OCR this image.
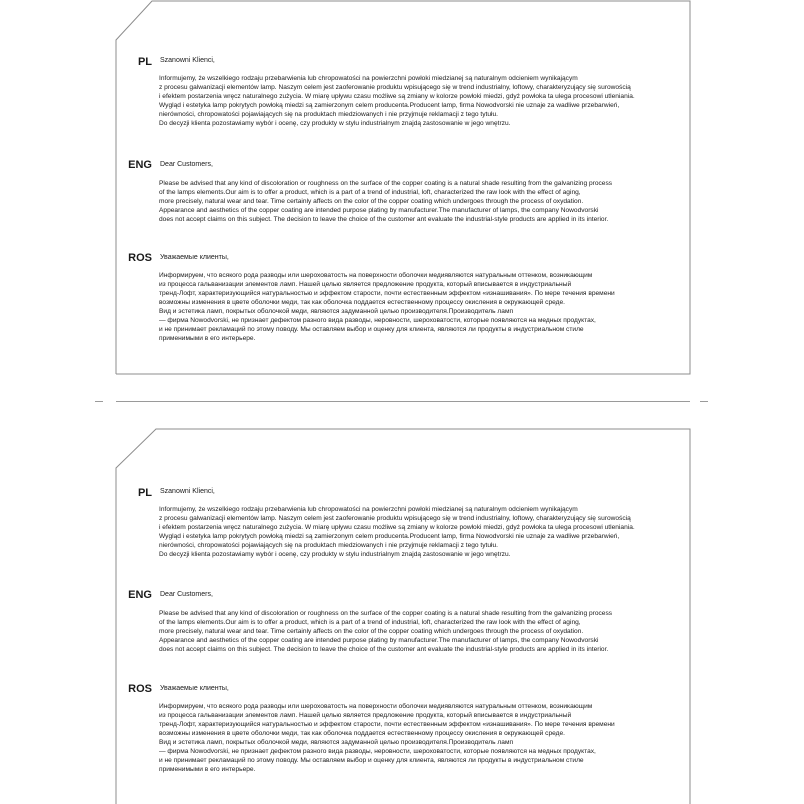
PL Szanowni Klienci,
Informujemy, że wszelkiego rodzaju przebarwienia lub chropowatości na powierzchni powłoki miedzianej są naturalnym odcieniem wynikającym
z procesu galwanizacji elementów lamp. Naszym celem jest zaoferowanie produktu wpisującego się w trend industrialny, loftowy, charakteryzujący się surowością
i efektem postarzenia wręcz naturalnego zużycia. W miarę upływu czasu możliwe są zmiany w kolorze powłoki miedzi, gdyż powłoka ta ulega procesowi utleniania.
Wygląd i estetyka lamp pokrytych powłoką miedzi są zamierzonym celem producenta.Producent lamp, firma Nowodvorski nie uznaje za wadliwe przebarwień,
nierówności, chropowatości pojawiających się na produktach miedziowanych i nie przyjmuje reklamacji z tego tytułu.
Do decyzji klienta pozostawiamy wybór i ocenę, czy produkty w stylu industrialnym znajdą zastosowanie w jego wnętrzu.
ENG Dear Customers,
Please be advised that any kind of discoloration or roughness on the surface of the copper coating is a natural shade resulting from the galvanizing process
of the lamps elements.Our aim is to offer a product, which is a part of a trend of industrial, loft, characterized the raw look with the effect of aging,
more precisely, natural wear and tear. Time certainly affects on the color of the copper coating which undergoes through the process of oxydation.
Appearance and aesthetics of the copper coating are intended purpose plating by manufacturer.The manufacturer of lamps, the company Nowodvorski
does not accept claims on this subject. The decision to leave the choice of the customer ant evaluate the industrial-style products are applied in its interior.
ROS Уважаемые клиенты,
Информируем, что всякого рода разводы или шероховатость на поверхности оболочки медиявляются натуральным оттенком, возникающим
из процесса гальванизации элементов ламп. Нашей целью является предложение продукта, который вписывается в индустриальный
тренд-Лофт, характеризующийся натуральностью и эффектом старости, почти естественным эффектом «изнашивания». По мере течения времени
возможны изменения в цвете оболочки меди, так как оболочка поддается естественному процессу окисления в окружающей среде.
Вид и эстетика ламп, покрытых оболочкой меди, являются задуманной целью производителя.Производитель ламп
— фирма Nowodvorski, не признает дефектом разного вида разводы, неровности, шероховатости, которые появляются на медных продуктах,
и не принимает рекламаций по этому поводу. Мы оставляем выбор и оценку для клиента, являются ли продукты в индустриальном стиле
применимыми в его интерьере.
PL Szanowni Klienci,
Informujemy, że wszelkiego rodzaju przebarwienia lub chropowatości na powierzchni powłoki miedzianej są naturalnym odcieniem wynikającym
z procesu galwanizacji elementów lamp. Naszym celem jest zaoferowanie produktu wpisującego się w trend industrialny, loftowy, charakteryzujący się surowością
i efektem postarzenia wręcz naturalnego zużycia. W miarę upływu czasu możliwe są zmiany w kolorze powłoki miedzi, gdyż powłoka ta ulega procesowi utleniania.
Wygląd i estetyka lamp pokrytych powłoką miedzi są zamierzonym celem producenta.Producent lamp, firma Nowodvorski nie uznaje za wadliwe przebarwień,
nierówności, chropowatości pojawiających się na produktach miedziowanych i nie przyjmuje reklamacji z tego tytułu.
Do decyzji klienta pozostawiamy wybór i ocenę, czy produkty w stylu industrialnym znajdą zastosowanie w jego wnętrzu.
ENG Dear Customers,
Please be advised that any kind of discoloration or roughness on the surface of the copper coating is a natural shade resulting from the galvanizing process
of the lamps elements.Our aim is to offer a product, which is a part of a trend of industrial, loft, characterized the raw look with the effect of aging,
more precisely, natural wear and tear. Time certainly affects on the color of the copper coating which undergoes through the process of oxydation.
Appearance and aesthetics of the copper coating are intended purpose plating by manufacturer.The manufacturer of lamps, the company Nowodvorski
does not accept claims on this subject. The decision to leave the choice of the customer ant evaluate the industrial-style products are applied in its interior.
ROS Уважаемые клиенты,
Информируем, что всякого рода разводы или шероховатость на поверхности оболочки медиявляются натуральным оттенком, возникающим
из процесса гальванизации элементов ламп. Нашей целью является предложение продукта, который вписывается в индустриальный
тренд-Лофт, характеризующийся натуральностью и эффектом старости, почти естественным эффектом «изнашивания». По мере течения времени
возможны изменения в цвете оболочки меди, так как оболочка поддается естественному процессу окисления в окружающей среде.
Вид и эстетика ламп, покрытых оболочкой меди, являются задуманной целью производителя.Производитель ламп
— фирма Nowodvorski, не признает дефектом разного вида разводы, неровности, шероховатости, которые появляются на медных продуктах,
и не принимает рекламаций по этому поводу. Мы оставляем выбор и оценку для клиента, являются ли продукты в индустриальном стиле
применимыми в его интерьере.
